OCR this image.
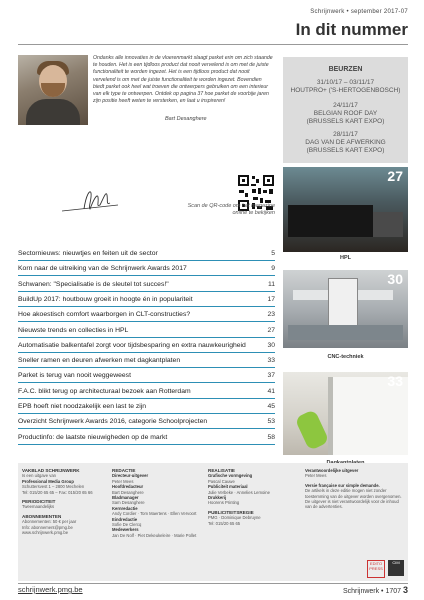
Schrijnwerk • september 2017-07
In dit nummer
Ondanks alle innovaties in de vloerenmarkt slaagt parket erin om zich staande te houden. Het is een tijdloos product dat nooit vervelend is om met de juiste functionaliteit te worden ingezet. Het is een tijdloos product dat nooit vervelend is om met de juiste functionaliteit te worden ingezet. Bovendien biedt parket ook heel wat troeven die ontwerpers gebruiken om een interieur van elk type te ontwerpen. Ontdek op pagina 37 hoe parket de voorbije jaren zijn positie heeft weten te versterken, en laat u inspireren!
Bart Desanghere
BEURZEN
31/10/17 – 03/11/17
HOUTPRO+ ('S-HERTOGENBOSCH)
24/11/17
BELGIAN ROOF DAY
(BRUSSELS KART EXPO)
28/11/17
DAG VAN DE AFWERKING
(BRUSSELS KART EXPO)
Scan de QR-code om het magazine online te bekijken
27
HPL
30
CNC-techniek
33
Sectornieuws: nieuwtjes en feiten uit de sector	5
Korn naar de uitreiking van de Schrijnwerk Awards 2017	9
Schwanen: "Specialisatie is de sleutel tot succes!"	11
BuildUp 2017: houtbouw groeit in hoogte én in populariteit	17
Hoe akoestisch comfort waarborgen in CLT-constructies?	23
Nieuwste trends en collecties in HPL	27
Automatisatie balkentafel zorgt voor tijdsbesparing en extra nauwkeurigheid	30
Sneller ramen en deuren afwerken met dagkantplaten	33
Parket is terug van nooit weggeweest	37
F.A.C. blikt terug op architecturaal bezoek aan Rotterdam	41
EPB hoeft niet noodzakelijk een last te zijn	45
Overzicht Schrijnwerk Awards 2016, categorie Schoolprojecten	53
Productinfo: de laatste nieuwigheden op de markt	58
VAKBLAD SCHRIJNWERK
Is een uitgave van
Professional Media Group
Schuttersvest 1 – 2800 Mechelen
Tel: 015/20 65 65 – Fax: 015/20 65 66
PERIODICITEIT
Tweemaandelijks
ABONNEMENTEN
Abonnementen: 50 € per jaar
Info: abonnement@pmg.be
www.schrijnwerk.pmg.be
REDACTIE
Directeur-uitgever
Peter Mees
Hoofdredacteur
Bart Desanghere
Bladmanager
Sam Desanghere
Kernredactie
Andy Cordier · Tom Maertens · Ellen Vervoort
Eindredactie
Sofie De Clercq
Medewerkers
Jan De Nolf · Piet Dekeukeleire · Marie Pollet
REALISATIE
Grafische vormgeving
Pascal Cauwe
Publiciteit materiaal
Julie Verbeke · Annelies Lemoine
Drukkerij
Hoorens Printing
PUBLICITEITSREGIE
PMG · Dominique Debruyne
Tel: 015/20 65 65
Verantwoordelijke uitgever
Peter Mees
Versie française sur simple demande.
De artikels in deze editie mogen niet zonder toestemming van de uitgever worden overgenomen. De uitgever is niet verantwoordelijk voor de inhoud van de advertenties.
EDITO PRESS
CIM
schrijnwerk.pmg.be	Schrijnwerk • 1707 3
